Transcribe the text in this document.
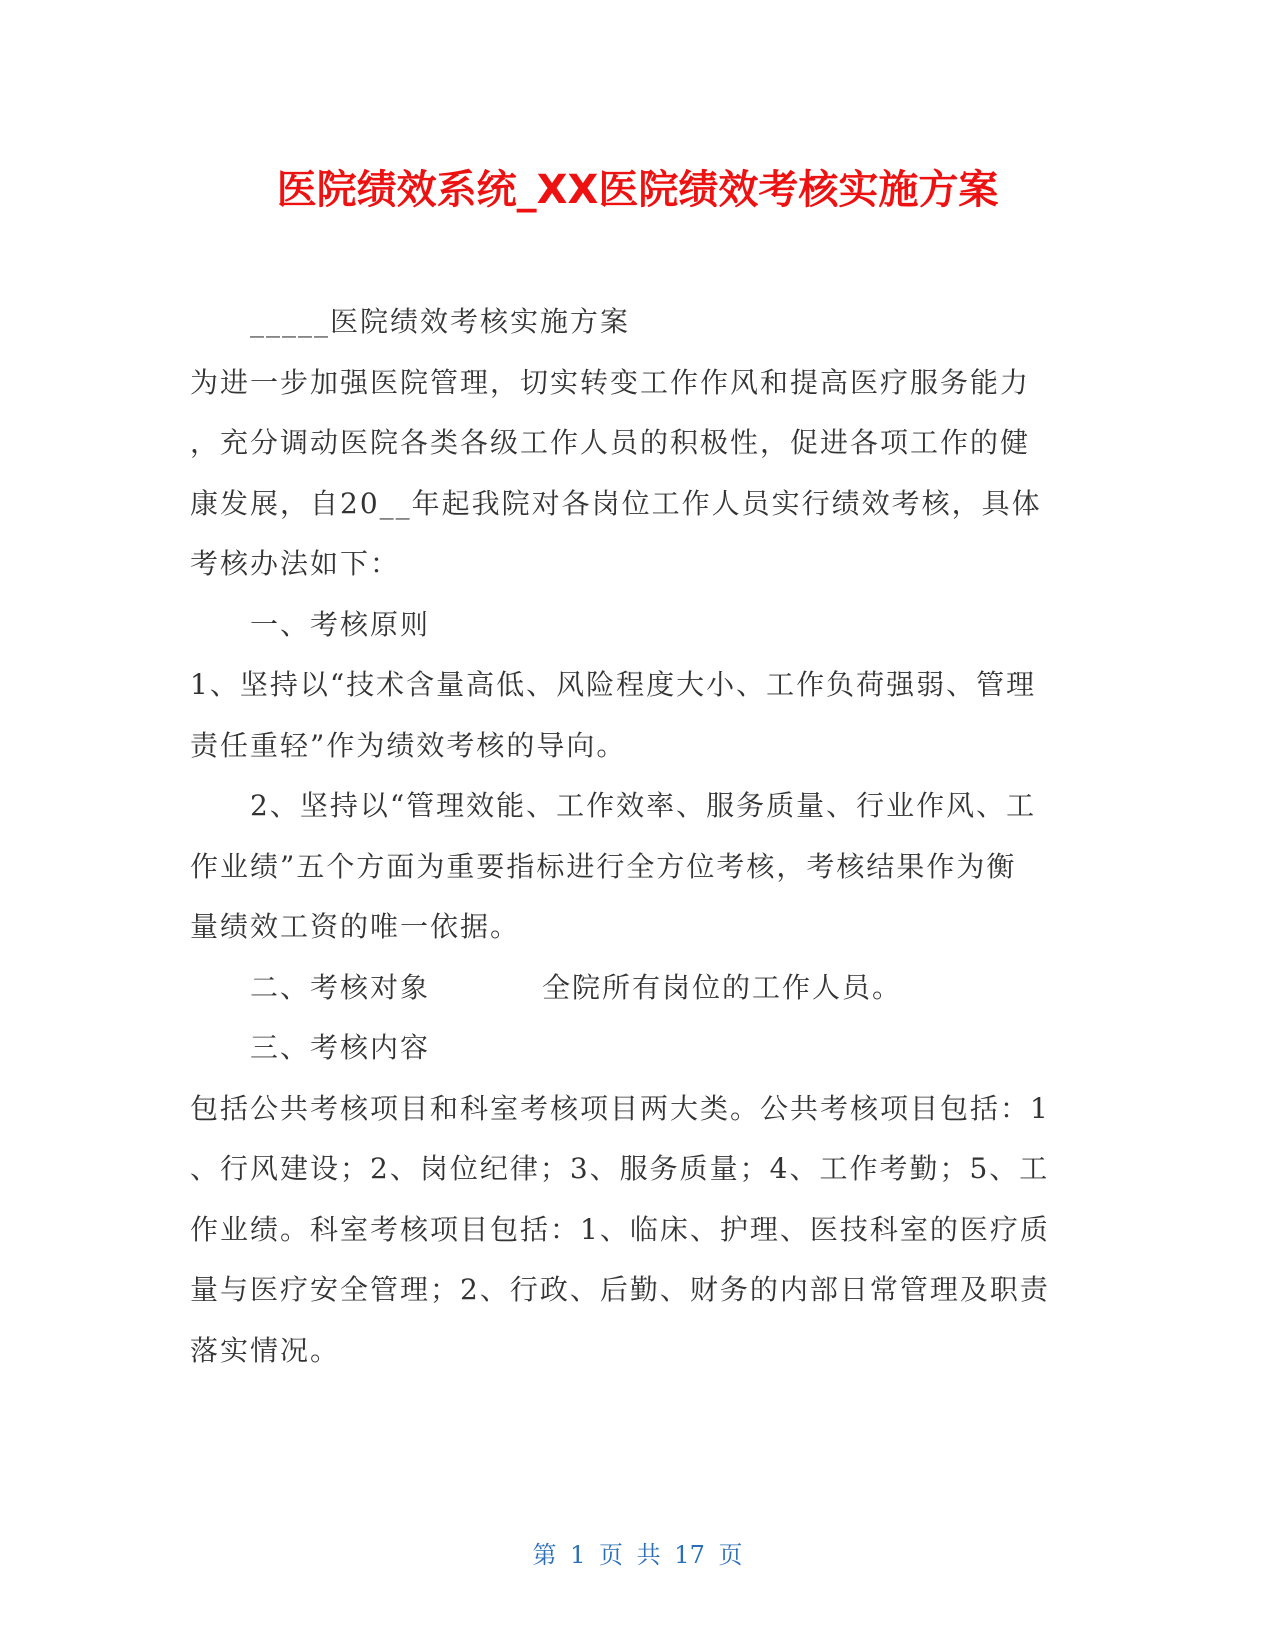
医院绩效系统_XX医院绩效考核实施方案
_____医院绩效考核实施方案
为进一步加强医院管理，切实转变工作作风和提高医疗服务能力
，充分调动医院各类各级工作人员的积极性，促进各项工作的健
康发展，自20__年起我院对各岗位工作人员实行绩效考核，具体
考核办法如下：
一、考核原则
1、坚持以“技术含量高低、风险程度大小、工作负荷强弱、管理
责任重轻”作为绩效考核的导向。
2、坚持以“管理效能、工作效率、服务质量、行业作风、工
作业绩”五个方面为重要指标进行全方位考核，考核结果作为衡
量绩效工资的唯一依据。
二、考核对象	全院所有岗位的工作人员。
三、考核内容
包括公共考核项目和科室考核项目两大类。公共考核项目包括：1
、行风建设；2、岗位纪律；3、服务质量；4、工作考勤；5、工
作业绩。科室考核项目包括：1、临床、护理、医技科室的医疗质
量与医疗安全管理；2、行政、后勤、财务的内部日常管理及职责
落实情况。
第 1 页 共 17 页
